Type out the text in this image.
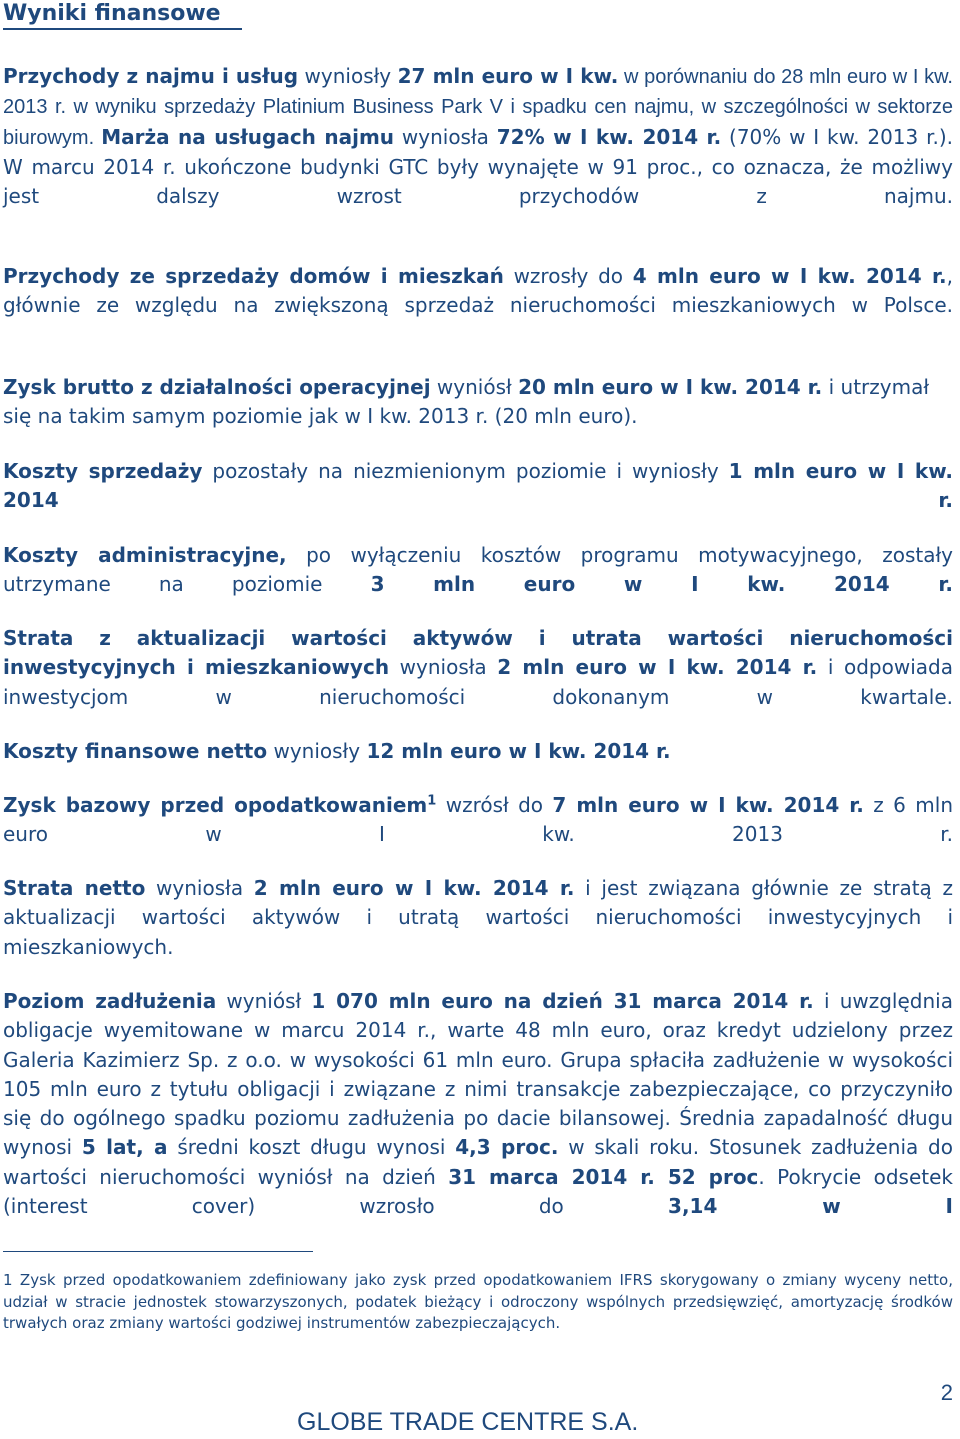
Wyniki finansowe

Przychody z najmu i usług wyniosły 27 mln euro w I kw. w porównaniu do 28 mln euro w I kw. 2013 r. w wyniku sprzedaży Platinium Business Park V i spadku cen najmu, w szczególności w sektorze biurowym. Marża na usługach najmu wyniosła 72% w I kw. 2014 r. (70% w I kw. 2013 r.). W marcu 2014 r. ukończone budynki GTC były wynajęte w 91 proc., co oznacza, że możliwy jest dalszy wzrost przychodów z najmu.

Przychody ze sprzedaży domów i mieszkań wzrosły do 4 mln euro w I kw. 2014 r., głównie ze względu na zwiększoną sprzedaż nieruchomości mieszkaniowych w Polsce.

Zysk brutto z działalności operacyjnej wyniósł 20 mln euro w I kw. 2014 r. i utrzymał się na takim samym poziomie jak w I kw. 2013 r. (20 mln euro).

Koszty sprzedaży pozostały na niezmienionym poziomie i wyniosły 1 mln euro w I kw. 2014 r.

Koszty administracyjne, po wyłączeniu kosztów programu motywacyjnego, zostały utrzymane na poziomie 3 mln euro w I kw. 2014 r.

Strata z aktualizacji wartości aktywów i utrata wartości nieruchomości inwestycyjnych i mieszkaniowych wyniosła 2 mln euro w I kw. 2014 r. i odpowiada inwestycjom w nieruchomości dokonanym w kwartale.

Koszty finansowe netto wyniosły 12 mln euro w I kw. 2014 r.

Zysk bazowy przed opodatkowaniem$^1$ wzrósł do 7 mln euro w I kw. 2014 r. z 6 mln euro w I kw. 2013 r.

Strata netto wyniosła 2 mln euro w I kw. 2014 r. i jest związana głównie ze stratą z aktualizacji wartości aktywów i utratą wartości nieruchomości inwestycyjnych i mieszkaniowych.

Poziom zadłużenia wyniósł 1 070 mln euro na dzień 31 marca 2014 r. i uwzględnia obligacje wyemitowane w marcu 2014 r., warte 48 mln euro, oraz kredyt udzielony przez Galeria Kazimierz Sp. z o.o. w wysokości 61 mln euro. Grupa spłaciła zadłużenie w wysokości 105 mln euro z tytułu obligacji i związane z nimi transakcje zabezpieczające, co przyczyniło się do ogólnego spadku poziomu zadłużenia po dacie bilansowej. Średnia zapadalność długu wynosi 5 lat, a średni koszt długu wynosi 4,3 proc. w skali roku. Stosunek zadłużenia do wartości nieruchomości wyniósł na dzień 31 marca 2014 r. 52 proc. Pokrycie odsetek (interest cover) wzrosło do 3,14 w I

1 Zysk przed opodatkowaniem zdefiniowany jako zysk przed opodatkowaniem IFRS skorygowany o zmiany wyceny netto, udział w stracie jednostek stowarzyszonych, podatek bieżący i odroczony wspólnych przedsięwzięć, amortyzację środków trwałych oraz zmiany wartości godziwej instrumentów zabezpieczających.

2
GLOBE TRADE CENTRE S.A.
